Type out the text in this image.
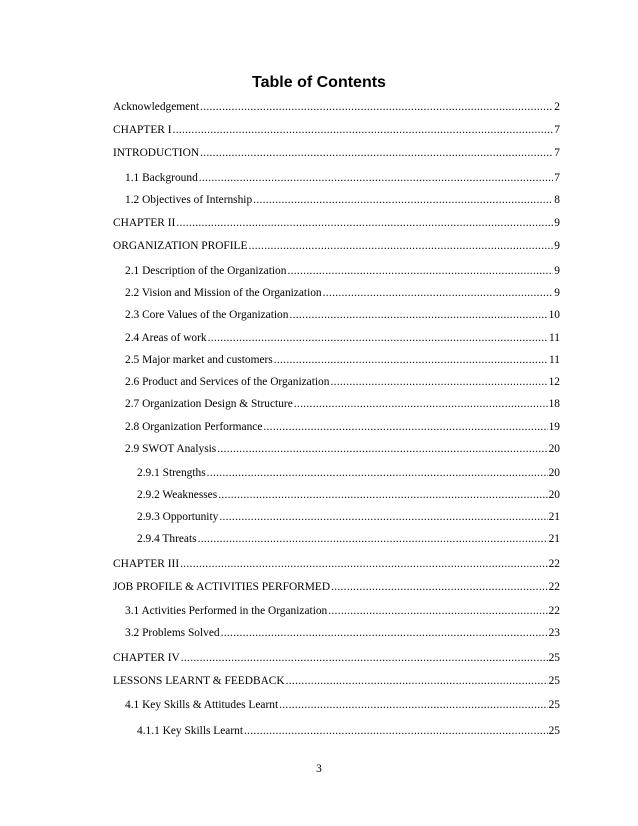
Table of Contents
Acknowledgement .....	2
CHAPTER I .....	7
INTRODUCTION .....	7
1.1 Background .....	7
1.2 Objectives of Internship .....	8
CHAPTER II .....	9
ORGANIZATION PROFILE .....	9
2.1 Description of the Organization .....	9
2.2 Vision and Mission of the Organization .....	9
2.3 Core Values of the Organization .....	10
2.4 Areas of work .....	11
2.5 Major market and customers .....	11
2.6 Product and Services of the Organization .....	12
2.7 Organization Design & Structure .....	18
2.8 Organization Performance .....	19
2.9 SWOT Analysis .....	20
2.9.1 Strengths .....	20
2.9.2 Weaknesses .....	20
2.9.3 Opportunity .....	21
2.9.4 Threats .....	21
CHAPTER III .....	22
JOB PROFILE & ACTIVITIES PERFORMED .....	22
3.1 Activities Performed in the Organization .....	22
3.2 Problems Solved .....	23
CHAPTER IV .....	25
LESSONS LEARNT & FEEDBACK .....	25
4.1 Key Skills & Attitudes Learnt .....	25
4.1.1 Key Skills Learnt .....	25
3
